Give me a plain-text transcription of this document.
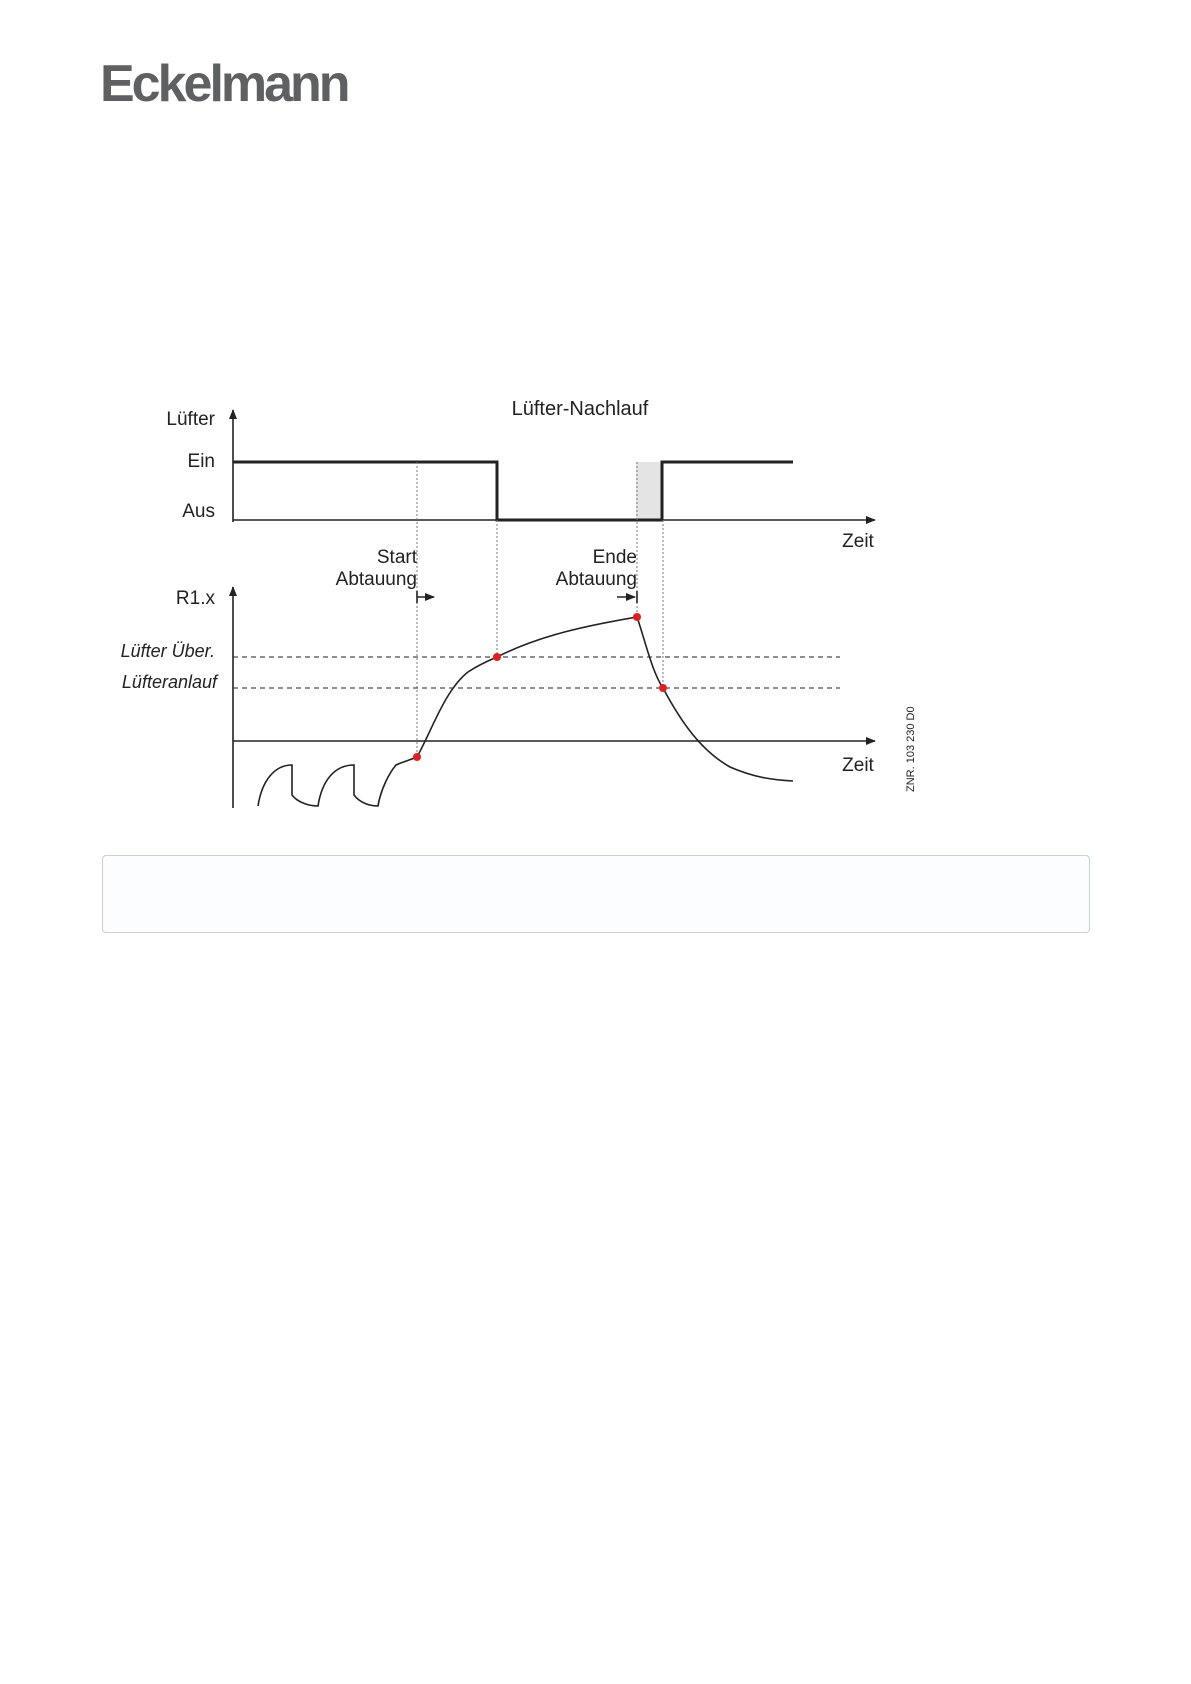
Eckelmann
Lüfter-Nachlauf
Lüfter
Ein
Aus
Zeit
Start
Abtauung
Ende
Abtauung
R1.x
Lüfter Über.
Lüfteranlauf
Zeit	ZNR. 103 230 D0
